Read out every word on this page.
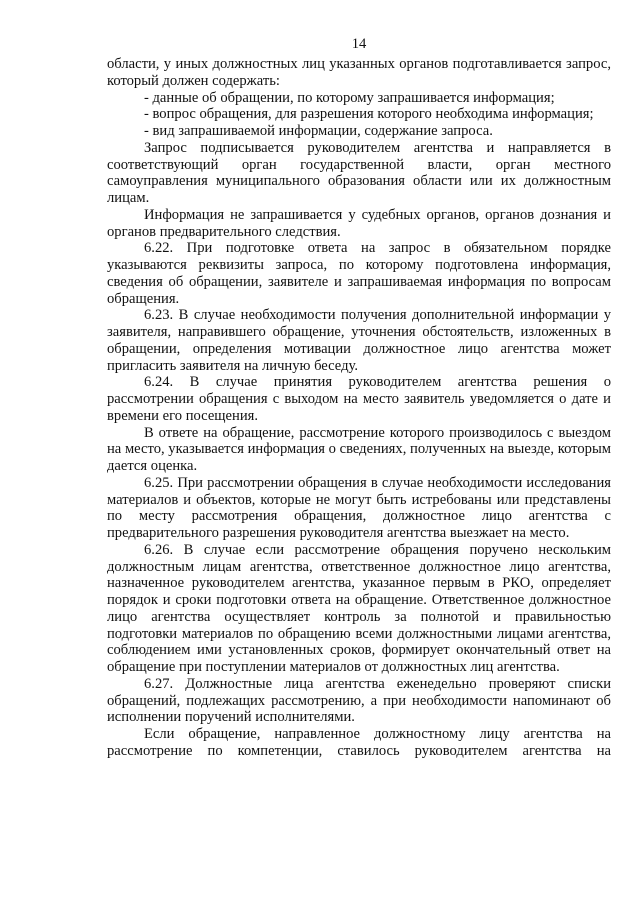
14

области, у иных должностных лиц указанных органов подготавливается запрос, который должен содержать:

- данные об обращении, по которому запрашивается информация;

- вопрос обращения, для разрешения которого необходима информация;

- вид запрашиваемой информации, содержание запроса.

Запрос подписывается руководителем агентства и направляется в соответствующий орган государственной власти, орган местного самоуправления муниципального образования области или их должностным лицам.

Информация не запрашивается у судебных органов, органов дознания и органов предварительного следствия.

6.22. При подготовке ответа на запрос в обязательном порядке указываются реквизиты запроса, по которому подготовлена информация, сведения об обращении, заявителе и запрашиваемая информация по вопросам обращения.

6.23. В случае необходимости получения дополнительной информации у заявителя, направившего обращение, уточнения обстоятельств, изложенных в обращении, определения мотивации должностное лицо агентства может пригласить заявителя на личную беседу.

6.24. В случае принятия руководителем агентства решения о рассмотрении обращения с выходом на место заявитель уведомляется о дате и времени его посещения.

В ответе на обращение, рассмотрение которого производилось с выездом на место, указывается информация о сведениях, полученных на выезде, которым дается оценка.

6.25. При рассмотрении обращения в случае необходимости исследования материалов и объектов, которые не могут быть истребованы или представлены по месту рассмотрения обращения, должностное лицо агентства с предварительного разрешения руководителя агентства выезжает на место.

6.26. В случае если рассмотрение обращения поручено нескольким должностным лицам агентства, ответственное должностное лицо агентства, назначенное руководителем агентства, указанное первым в РКО, определяет порядок и сроки подготовки ответа на обращение. Ответственное должностное лицо агентства осуществляет контроль за полнотой и правильностью подготовки материалов по обращению всеми должностными лицами агентства, соблюдением ими установленных сроков, формирует окончательный ответ на обращение при поступлении материалов от должностных лиц агентства.

6.27. Должностные лица агентства еженедельно проверяют списки обращений, подлежащих рассмотрению, а при необходимости напоминают об исполнении поручений исполнителями.

Если обращение, направленное должностному лицу агентства на рассмотрение по компетенции, ставилось руководителем агентства на
